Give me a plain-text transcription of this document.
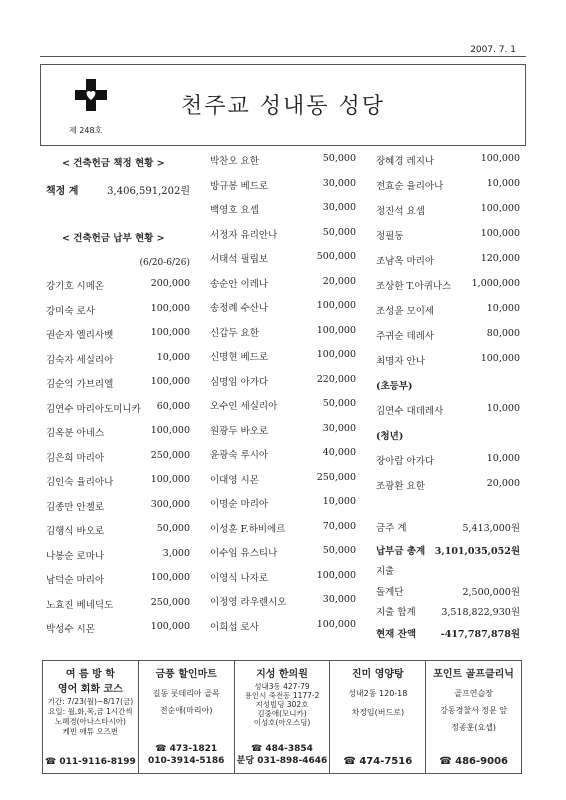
2007. 7. 1
제 248호
천주교 성내동 성당
< 건축헌금 책정 현황 >
책정 계	3,406,591,202원
< 건축헌금 납부 현황 >
(6/20-6/26)
강기호 시메온	200,000
강미숙 로사	100,000
권순자 엘리사벳	100,000
김숙자 세실리아	10,000
김순익 가브리엘	100,000
김연수 마리아도미니카 60,000
김옥분 아네스	100,000
김은희 마리아	250,000
김인숙 율리아나	100,000
김종만 안젤로	300,000
김행식 바오로	50,000
나봉순 로마나	3,000
남덕순 마리아	100,000
노효진 베네딕도	250,000
박성수 시몬	100,000
박찬오 요한	50,000
방규봉 베드로	30,000
백영호 요셉	30,000
서정자 유리안나	50,000
서태석 필립보	500,000
송순안 이레나	20,000
송정례 수산나	100,000
신갑두 요한	100,000
신명현 베드로	100,000
심명임 아가다	220,000
오수인 세실리아	50,000
원광두 바오로	30,000
윤광숙 루시아	40,000
이대영 시몬	250,000
이명순 마리아	10,000
이성훈 F.하비에르	70,000
이수임 유스티나	50,000
이영식 나자로	100,000
이정영 라우렌시오	30,000
이희섭 로사	100,000
장혜경 레지나	100,000
전효순 율리아나	10,000
정진석 요셉	100,000
정필동	100,000
조남옥 마리아	120,000
조상한 T.아퀴나스 1,000,000
조성윤 모이세	10,000
주귀순 데레사	80,000
최명자 안나	100,000
(초등부)
김연수 대데레사	10,000
(청년)
장아람 아가다	10,000
조광환 요한	20,000
금주 계	5,413,000원
납부금 총계 3,101,035,052원
지출
돌계단	2,500,000원
지출 합계	3,518,822,930원
현재 잔액	-417,787,878원
여 름 방 학
영어 회화 코스
기간: 7/23(월)~8/17(금)
요일: 월,화,목,금 1시간씩
노혜경(아나스타시아)
케빈 애튜 오즈번
☎ 011-9116-8199
금풍 할인마트
길동 롯데리아 골목
전순애(마리아)
☎ 473-1821
010-3914-5186
지성 한의원
성내3동 427-79
용인시 죽전동 1177-2
지성빌딩 302호
김중애(모니카)
이성호(아오스딩)
☎ 484-3854
분당 031-898-4646
진미 영양탕
성내2동 120-18
차정임(버드로)
☎ 474-7516
포인트 골프클리닉
골프연습장
강동경찰서 정문 앞
정종훈(요셉)
☎ 486-9006
